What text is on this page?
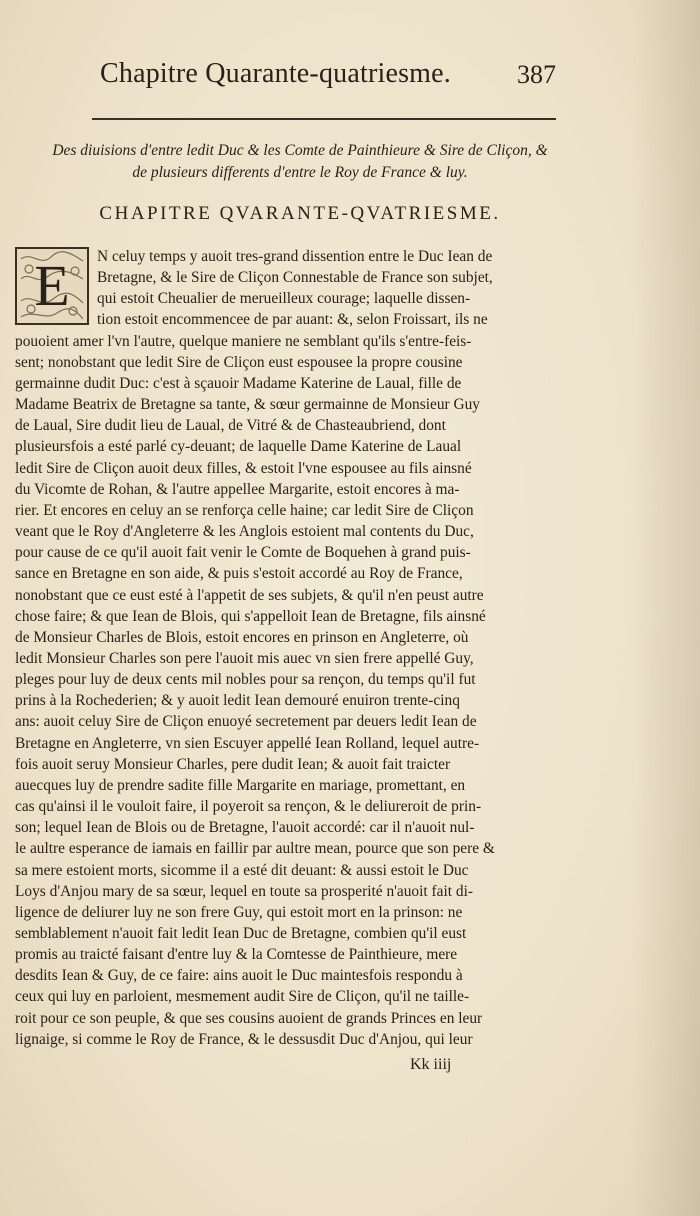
Chapitre Quarante-quatriesme.	387
Des diuisions d'entre ledit Duc & les Comte de Painthieure & Sire de Cliçon, &
de plusieurs differents d'entre le Roy de France & luy.
CHAPITRE QVARANTE-QVATRIESME.
E	N celuy temps y auoit tres-grand dissention entre le Duc Iean de
Bretagne, & le Sire de Cliçon Connestable de France son subjet,
qui estoit Cheualier de merueilleux courage; laquelle dissen-
tion estoit encommencee de par auant: &, selon Froissart, ils ne
pouoient amer l'vn l'autre, quelque maniere ne semblant qu'ils s'entre-feis-
sent; nonobstant que ledit Sire de Cliçon eust espousee la propre cousine
germainne dudit Duc: c'est à sçauoir Madame Katerine de Laual, fille de
Madame Beatrix de Bretagne sa tante, & sœur germainne de Monsieur Guy
de Laual, Sire dudit lieu de Laual, de Vitré & de Chasteaubriend, dont
plusieursfois a esté parlé cy-deuant; de laquelle Dame Katerine de Laual
ledit Sire de Cliçon auoit deux filles, & estoit l'vne espousee au fils ainsné
du Vicomte de Rohan, & l'autre appellee Margarite, estoit encores à ma-
rier. Et encores en celuy an se renforça celle haine; car ledit Sire de Cliçon
veant que le Roy d'Angleterre & les Anglois estoient mal contents du Duc,
pour cause de ce qu'il auoit fait venir le Comte de Boquehen à grand puis-
sance en Bretagne en son aide, & puis s'estoit accordé au Roy de France,
nonobstant que ce eust esté à l'appetit de ses subjets, & qu'il n'en peust autre
chose faire; & que Iean de Blois, qui s'appelloit Iean de Bretagne, fils ainsné
de Monsieur Charles de Blois, estoit encores en prinson en Angleterre, où
ledit Monsieur Charles son pere l'auoit mis auec vn sien frere appellé Guy,
pleges pour luy de deux cents mil nobles pour sa rençon, du temps qu'il fut
prins à la Rochederien; & y auoit ledit Iean demouré enuiron trente-cinq
ans: auoit celuy Sire de Cliçon enuoyé secretement par deuers ledit Iean de
Bretagne en Angleterre, vn sien Escuyer appellé Iean Rolland, lequel autre-
fois auoit seruy Monsieur Charles, pere dudit Iean; & auoit fait traicter
auecques luy de prendre sadite fille Margarite en mariage, promettant, en
cas qu'ainsi il le vouloit faire, il poyeroit sa rençon, & le deliureroit de prin-
son; lequel Iean de Blois ou de Bretagne, l'auoit accordé: car il n'auoit nul-
le aultre esperance de iamais en faillir par aultre mean, pource que son pere &
sa mere estoient morts, sicomme il a esté dit deuant: & aussi estoit le Duc
Loys d'Anjou mary de sa sœur, lequel en toute sa prosperité n'auoit fait di-
ligence de deliurer luy ne son frere Guy, qui estoit mort en la prinson: ne
semblablement n'auoit fait ledit Iean Duc de Bretagne, combien qu'il eust
promis au traicté faisant d'entre luy & la Comtesse de Painthieure, mere
desdits Iean & Guy, de ce faire: ains auoit le Duc maintesfois respondu à
ceux qui luy en parloient, mesmement audit Sire de Cliçon, qu'il ne taille-
roit pour ce son peuple, & que ses cousins auoient de grands Princes en leur
lignaige, si comme le Roy de France, & le dessusdit Duc d'Anjou, qui leur
Kk iiij
